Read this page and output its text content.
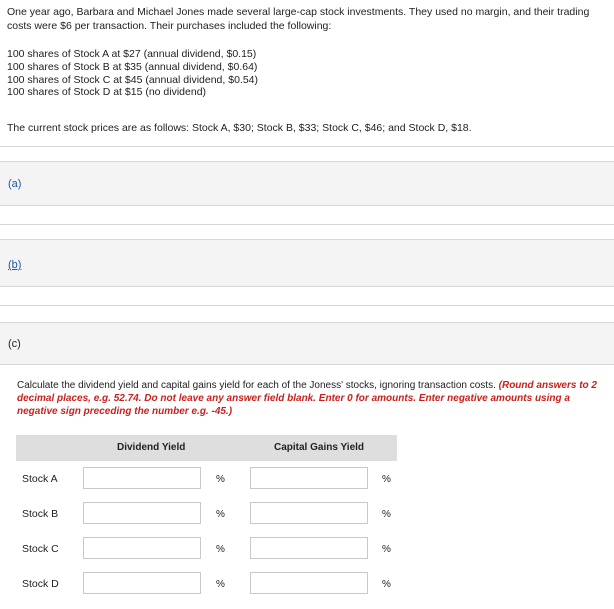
One year ago, Barbara and Michael Jones made several large-cap stock investments. They used no margin, and their trading costs were $6 per transaction. Their purchases included the following:
100 shares of Stock A at $27 (annual dividend, $0.15)
100 shares of Stock B at $35 (annual dividend, $0.64)
100 shares of Stock C at $45 (annual dividend, $0.54)
100 shares of Stock D at $15 (no dividend)
The current stock prices are as follows: Stock A, $30; Stock B, $33; Stock C, $46; and Stock D, $18.
(a)
(b)
(c)
Calculate the dividend yield and capital gains yield for each of the Joness' stocks, ignoring transaction costs. (Round answers to 2 decimal places, e.g. 52.74. Do not leave any answer field blank. Enter 0 for amounts. Enter negative amounts using a negative sign preceding the number e.g. -45.)
Dividend Yield	Capital Gains Yield
Stock A	%	%
Stock B	%	%
Stock C	%	%
Stock D	%	%
